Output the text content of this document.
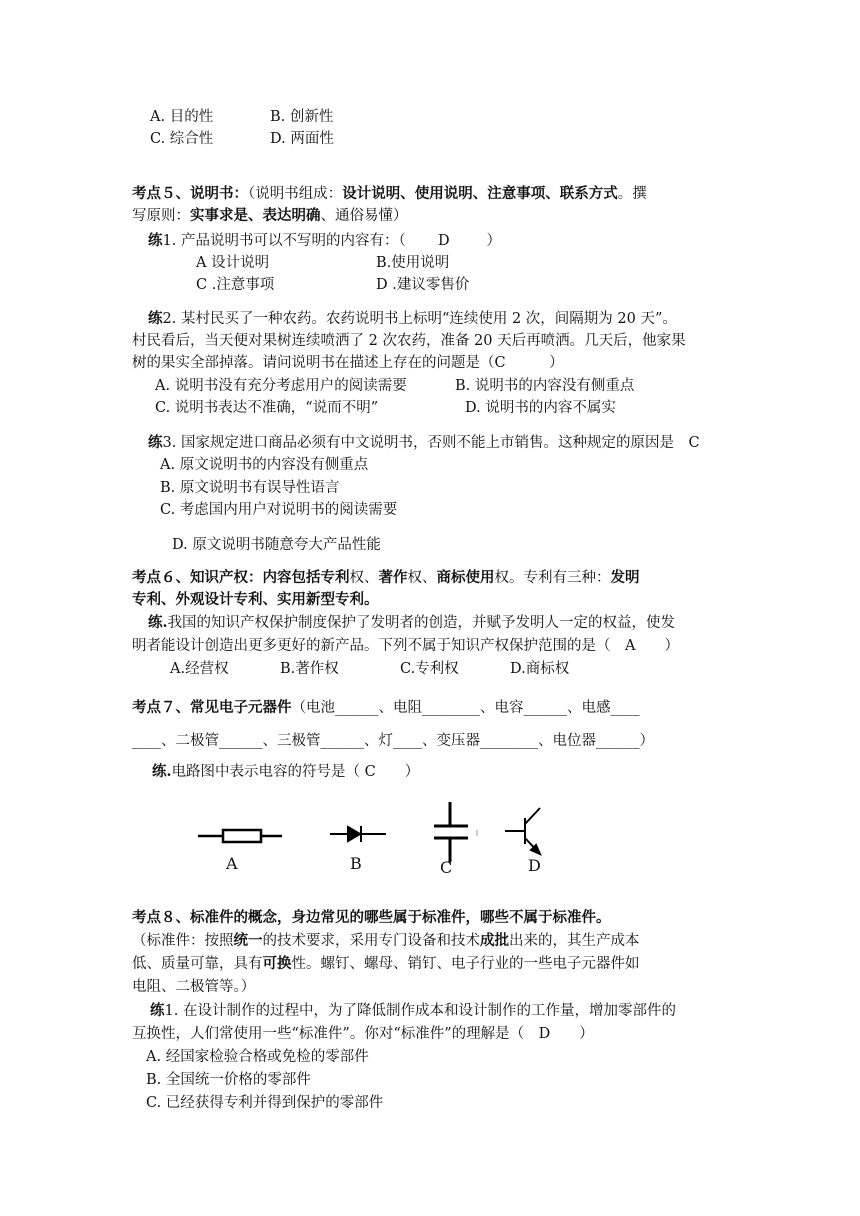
A. 目的性	B. 创新性
C. 综合性	D. 两面性
考点５、说明书：（说明书组成：设计说明、使用说明、注意事项、联系方式。撰
写原则：实事求是、表达明确、通俗易懂）
练1. 产品说明书可以不写明的内容有：（ D	）
A 设计说明	B.使用说明
C .注意事项	D .建议零售价
练2. 某村民买了一种农药。农药说明书上标明“连续使用 2 次，间隔期为 20 天”。
村民看后，当天便对果树连续喷洒了 2 次农药，准备 20 天后再喷洒。几天后，他家果
树的果实全部掉落。请问说明书在描述上存在的问题是（C　　　）
A. 说明书没有充分考虑用户的阅读需要	B. 说明书的内容没有侧重点
C. 说明书表达不准确，“说而不明”	D. 说明书的内容不属实
练3. 国家规定进口商品必须有中文说明书，否则不能上市销售。这种规定的原因是　C
A. 原文说明书的内容没有侧重点
B. 原文说明书有误导性语言
C. 考虑国内用户对说明书的阅读需要
D. 原文说明书随意夸大产品性能
考点６、知识产权：内容包括专利权、著作权、商标使用权。专利有三种：发明
专利、外观设计专利、实用新型专利。
练.我国的知识产权保护制度保护了发明者的创造，并赋予发明人一定的权益，使发
明者能设计创造出更多更好的新产品。下列不属于知识产权保护范围的是（　A　　）
A.经营权	B.著作权	C.专利权	D.商标权
考点７、常见电子元器件（电池______、电阻________、电容______、电感____
____、二极管______、三极管______、灯____、变压器________、电位器______）
练.电路图中表示电容的符号是（ C　　）
A	B	C	D
考点８、标准件的概念，身边常见的哪些属于标准件，哪些不属于标准件。
（标准件：按照统一的技术要求，采用专门设备和技术成批出来的，其生产成本
低、质量可靠，具有可换性。螺钉、螺母、销钉、电子行业的一些电子元器件如
电阻、二极管等。）
练1. 在设计制作的过程中，为了降低制作成本和设计制作的工作量，增加零部件的
互换性，人们常使用一些“标准件”。你对“标准件”的理解是（　D　　）
A. 经国家检验合格或免检的零部件
B. 全国统一价格的零部件
C. 已经获得专利并得到保护的零部件
